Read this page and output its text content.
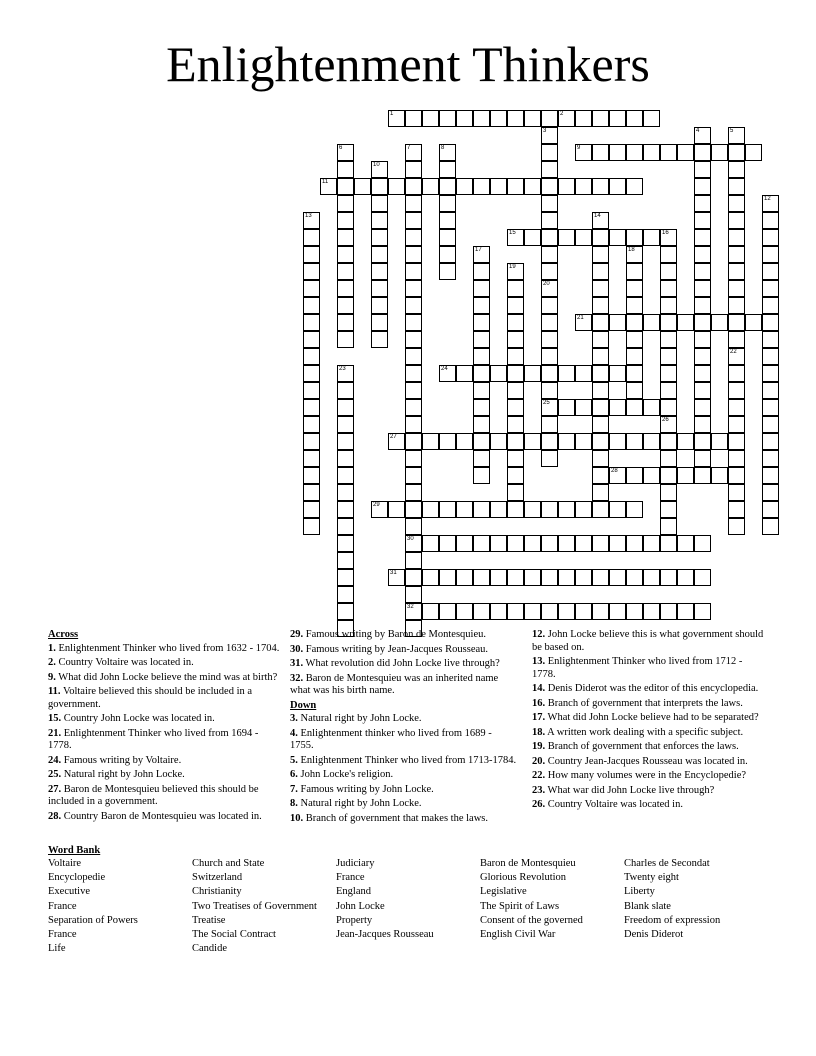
Enlightenment Thinkers
1	2
3
20
25
4	5
6	7
30
32
8	9
10
11
12
13	14
15	16
26
17	18
19
21
22
23	24
27
28
29
31
Across
1. Enlightenment Thinker who lived from 1632 - 1704.
2. Country Voltaire was located in.
9. What did John Locke believe the mind was at birth?
11. Voltaire believed this should be included in a government.
15. Country John Locke was located in.
21. Enlightenment Thinker who lived from 1694 - 1778.
24. Famous writing by Voltaire.
25. Natural right by John Locke.
27. Baron de Montesquieu believed this should be included in a government.
28. Country Baron de Montesquieu was located in.
29. Famous writing by Baron de Montesquieu.
30. Famous writing by Jean-Jacques Rousseau.
31. What revolution did John Locke live through?
32. Baron de Montesquieu was an inherited name what was his birth name.
Down
3. Natural right by John Locke.
4. Enlightenment thinker who lived from 1689 - 1755.
5. Enlightenment Thinker who lived from 1713-1784.
6. John Locke's religion.
7. Famous writing by John Locke.
8. Natural right by John Locke.
10. Branch of government that makes the laws.
12. John Locke believe this is what government should be based on.
13. Enlightenment Thinker who lived from 1712 - 1778.
14. Denis Diderot was the editor of this encyclopedia.
16. Branch of government that interprets the laws.
17. What did John Locke believe had to be separated?
18. A written work dealing with a specific subject.
19. Branch of government that enforces the laws.
20. Country Jean-Jacques Rousseau was located in.
22. How many volumes were in the Encyclopedie?
23. What war did John Locke live through?
26. Country Voltaire was located in.
Word Bank
Voltaire
Encyclopedie
Executive
France
Separation of Powers
France
Life
Church and State
Switzerland
Christianity
Two Treatises of Government
Treatise
The Social Contract
Candide
Judiciary
France
England
John Locke
Property
Jean-Jacques Rousseau
Baron de Montesquieu
Glorious Revolution
Legislative
The Spirit of Laws
Consent of the governed
English Civil War
Charles de Secondat
Twenty eight
Liberty
Blank slate
Freedom of expression
Denis Diderot
